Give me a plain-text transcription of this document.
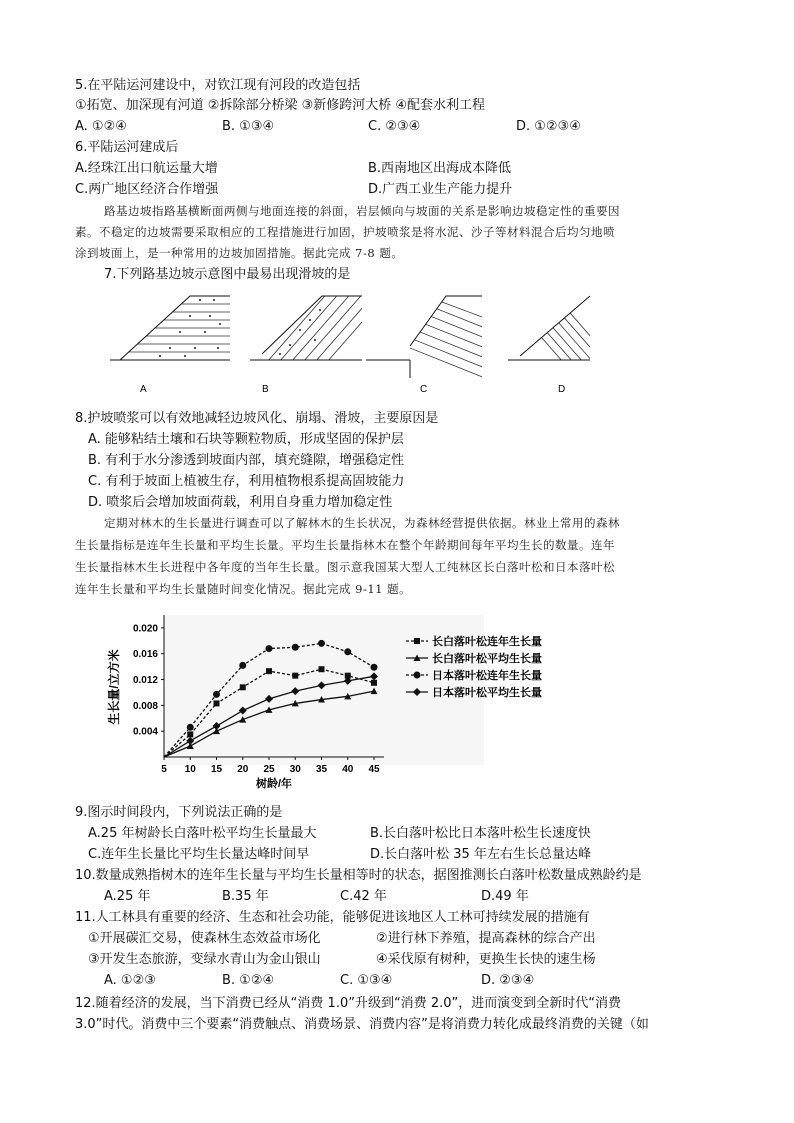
5.在平陆运河建设中，对钦江现有河段的改造包括
①拓宽、加深现有河道 ②拆除部分桥梁 ③新修跨河大桥 ④配套水利工程
A. ①②④	B. ①③④	C. ②③④	D. ①②③④
6.平陆运河建成后
A.经珠江出口航运量大增	B.西南地区出海成本降低
C.两广地区经济合作增强	D.广西工业生产能力提升
路基边坡指路基横断面两侧与地面连接的斜面，岩层倾向与坡面的关系是影响边坡稳定性的重要因
素。不稳定的边坡需要采取相应的工程措施进行加固，护坡喷浆是将水泥、沙子等材料混合后均匀地喷
涂到坡面上，是一种常用的边坡加固措施。据此完成 7-8 题。
7.下列路基边坡示意图中最易出现滑坡的是
A	B	C	D
8.护坡喷浆可以有效地减轻边坡风化、崩塌、滑坡，主要原因是
A. 能够粘结土壤和石块等颗粒物质，形成坚固的保护层
B. 有利于水分渗透到坡面内部，填充缝隙，增强稳定性
C. 有利于坡面上植被生存，利用植物根系提高固坡能力
D. 喷浆后会增加坡面荷载，利用自身重力增加稳定性
定期对林木的生长量进行调查可以了解林木的生长状况，为森林经营提供依据。林业上常用的森林
生长量指标是连年生长量和平均生长量。平均生长量指林木在整个年龄期间每年平均生长的数量。连年
生长量指林木生长进程中各年度的当年生长量。图示意我国某大型人工纯林区长白落叶松和日本落叶松
连年生长量和平均生长量随时间变化情况。据此完成 9-11 题。
生长量/立方米
树龄/年
5 10 15 20 25 30 35 40 45
0.004
0.008
0.012
0.016
0.020
长白落叶松连年生长量
长白落叶松平均生长量
日本落叶松连年生长量
日本落叶松平均生长量
9.图示时间段内，下列说法正确的是
A.25 年树龄长白落叶松平均生长量最大	B.长白落叶松比日本落叶松生长速度快
C.连年生长量比平均生长量达峰时间早	D.长白落叶松 35 年左右生长总量达峰
10.数量成熟指树木的连年生长量与平均生长量相等时的状态，据图推测长白落叶松数量成熟龄约是
A.25 年	B.35 年	C.42 年	D.49 年
11.人工林具有重要的经济、生态和社会功能，能够促进该地区人工林可持续发展的措施有
①开展碳汇交易，使森林生态效益市场化	②进行林下养殖，提高森林的综合产出
③开发生态旅游，变绿水青山为金山银山	④采伐原有树种，更换生长快的速生杨
A. ①②③	B. ①②④	C. ①③④	D. ②③④
12.随着经济的发展，当下消费已经从“消费 1.0”升级到“消费 2.0”，进而演变到全新时代“消费
3.0”时代。消费中三个要素“消费触点、消费场景、消费内容”是将消费力转化成最终消费的关键（如
